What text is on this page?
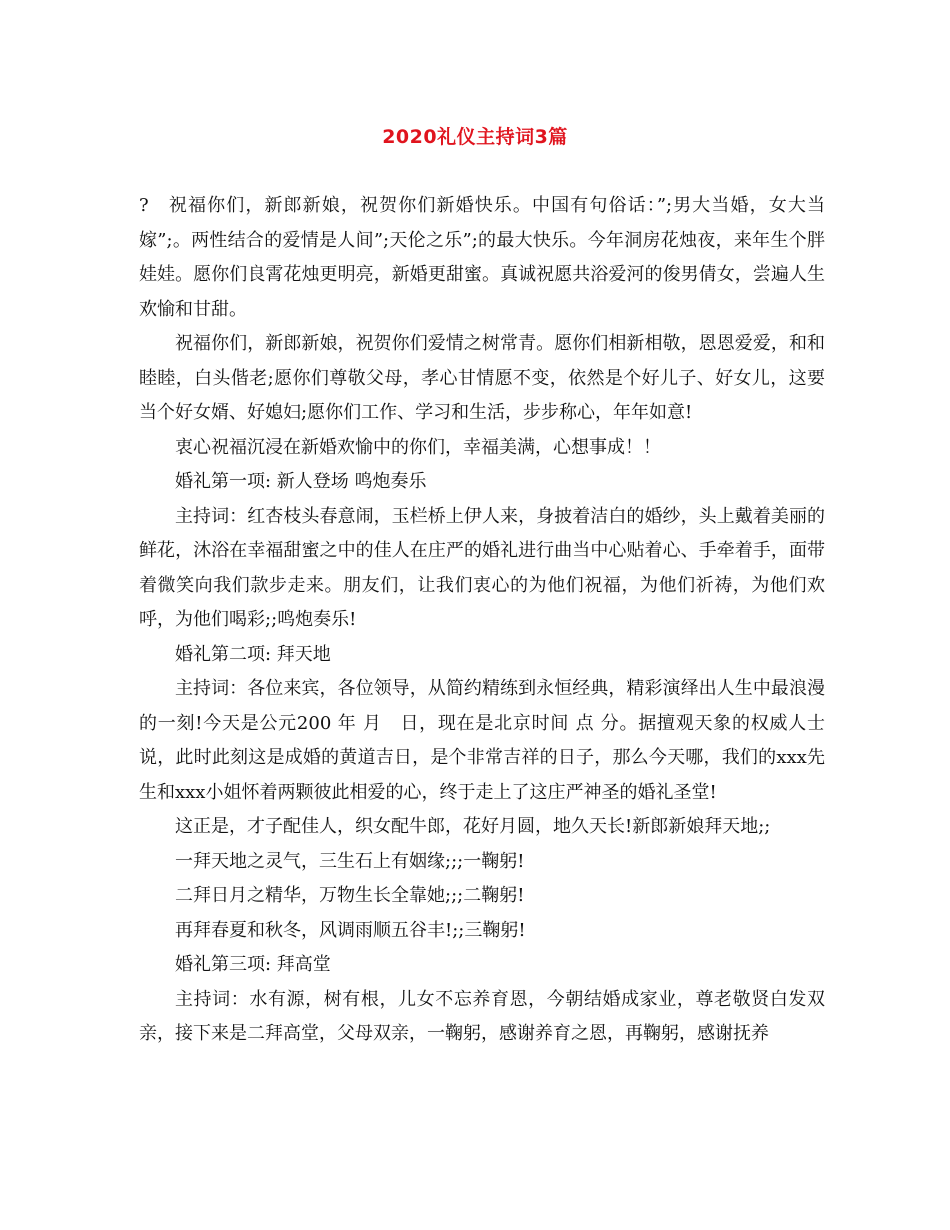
2020礼仪主持词3篇

?　祝福你们，新郎新娘，祝贺你们新婚快乐。中国有句俗话：”;男大当婚，女大当嫁”;。两性结合的爱情是人间”;天伦之乐”;的最大快乐。今年洞房花烛夜，来年生个胖娃娃。愿你们良霄花烛更明亮，新婚更甜蜜。真诚祝愿共浴爱河的俊男倩女，尝遍人生欢愉和甘甜。

祝福你们，新郎新娘，祝贺你们爱情之树常青。愿你们相新相敬，恩恩爱爱，和和睦睦，白头偕老;愿你们尊敬父母，孝心甘情愿不变，依然是个好儿子、好女儿，这要当个好女婿、好媳妇;愿你们工作、学习和生活，步步称心，年年如意!

衷心祝福沉浸在新婚欢愉中的你们，幸福美满，心想事成！！

婚礼第一项: 新人登场 鸣炮奏乐

主持词：红杏枝头春意闹，玉栏桥上伊人来，身披着洁白的婚纱，头上戴着美丽的鲜花，沐浴在幸福甜蜜之中的佳人在庄严的婚礼进行曲当中心贴着心、手牵着手，面带着微笑向我们款步走来。朋友们，让我们衷心的为他们祝福，为他们祈祷，为他们欢呼，为他们喝彩;;鸣炮奏乐!

婚礼第二项: 拜天地

主持词：各位来宾，各位领导，从简约精练到永恒经典，精彩演绎出人生中最浪漫的一刻!今天是公元200 年 月　日，现在是北京时间 点 分。据擅观天象的权威人士说，此时此刻这是成婚的黄道吉日，是个非常吉祥的日子，那么今天哪，我们的xxx先生和xxx小姐怀着两颗彼此相爱的心，终于走上了这庄严神圣的婚礼圣堂!

这正是，才子配佳人，织女配牛郎，花好月圆，地久天长!新郎新娘拜天地;;

一拜天地之灵气，三生石上有姻缘;;;一鞠躬!

二拜日月之精华，万物生长全靠她;;;二鞠躬!

再拜春夏和秋冬，风调雨顺五谷丰!;;三鞠躬!

婚礼第三项: 拜高堂

主持词：水有源，树有根，儿女不忘养育恩，今朝结婚成家业，尊老敬贤白发双亲，接下来是二拜高堂，父母双亲，一鞠躬，感谢养育之恩，再鞠躬，感谢抚养
